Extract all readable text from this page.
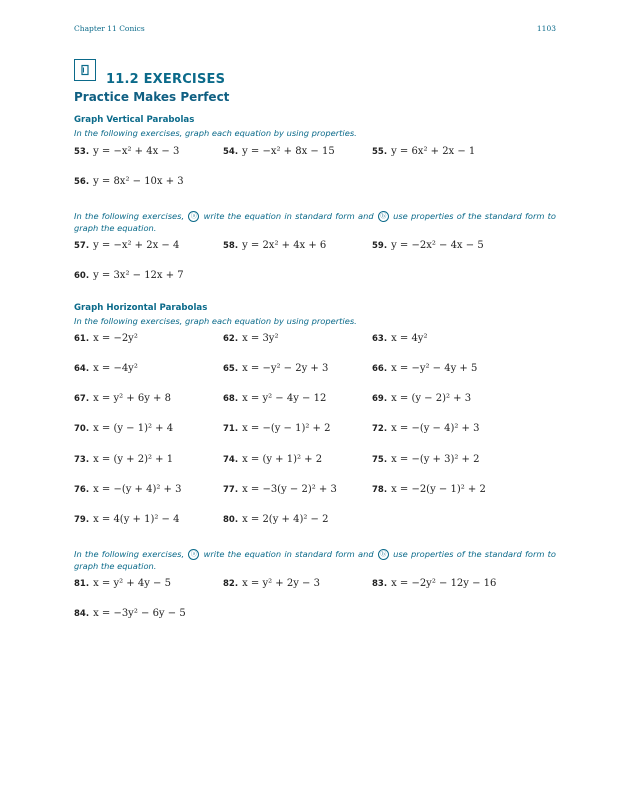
Chapter 11 Conics	1103
11.2 EXERCISES
Practice Makes Perfect
Graph Vertical Parabolas
In the following exercises, graph each equation by using properties.
In the following exercises, ⓐ write the equation in standard form and ⓑ use properties of the standard form to graph the equation.
Graph Horizontal Parabolas
In the following exercises, graph each equation by using properties.
In the following exercises, ⓐ write the equation in standard form and ⓑ use properties of the standard form to graph the equation.
53. y = −x² + 4x − 3	54. y = −x² + 8x − 15	55. y = 6x² + 2x − 1
56. y = 8x² − 10x + 3
57. y = −x² + 2x − 4	58. y = 2x² + 4x + 6	59. y = −2x² − 4x − 5
60. y = 3x² − 12x + 7
61. x = −2y²	62. x = 3y²	63. x = 4y²
64. x = −4y²	65. x = −y² − 2y + 3	66. x = −y² − 4y + 5
67. x = y² + 6y + 8	68. x = y² − 4y − 12	69. x = (y − 2)² + 3
70. x = (y − 1)² + 4	71. x = −(y − 1)² + 2	72. x = −(y − 4)² + 3
73. x = (y + 2)² + 1	74. x = (y + 1)² + 2	75. x = −(y + 3)² + 2
76. x = −(y + 4)² + 3	77. x = −3(y − 2)² + 3	78. x = −2(y − 1)² + 2
79. x = 4(y + 1)² − 4	80. x = 2(y + 4)² − 2
81. x = y² + 4y − 5	82. x = y² + 2y − 3	83. x = −2y² − 12y − 16
84. x = −3y² − 6y − 5
